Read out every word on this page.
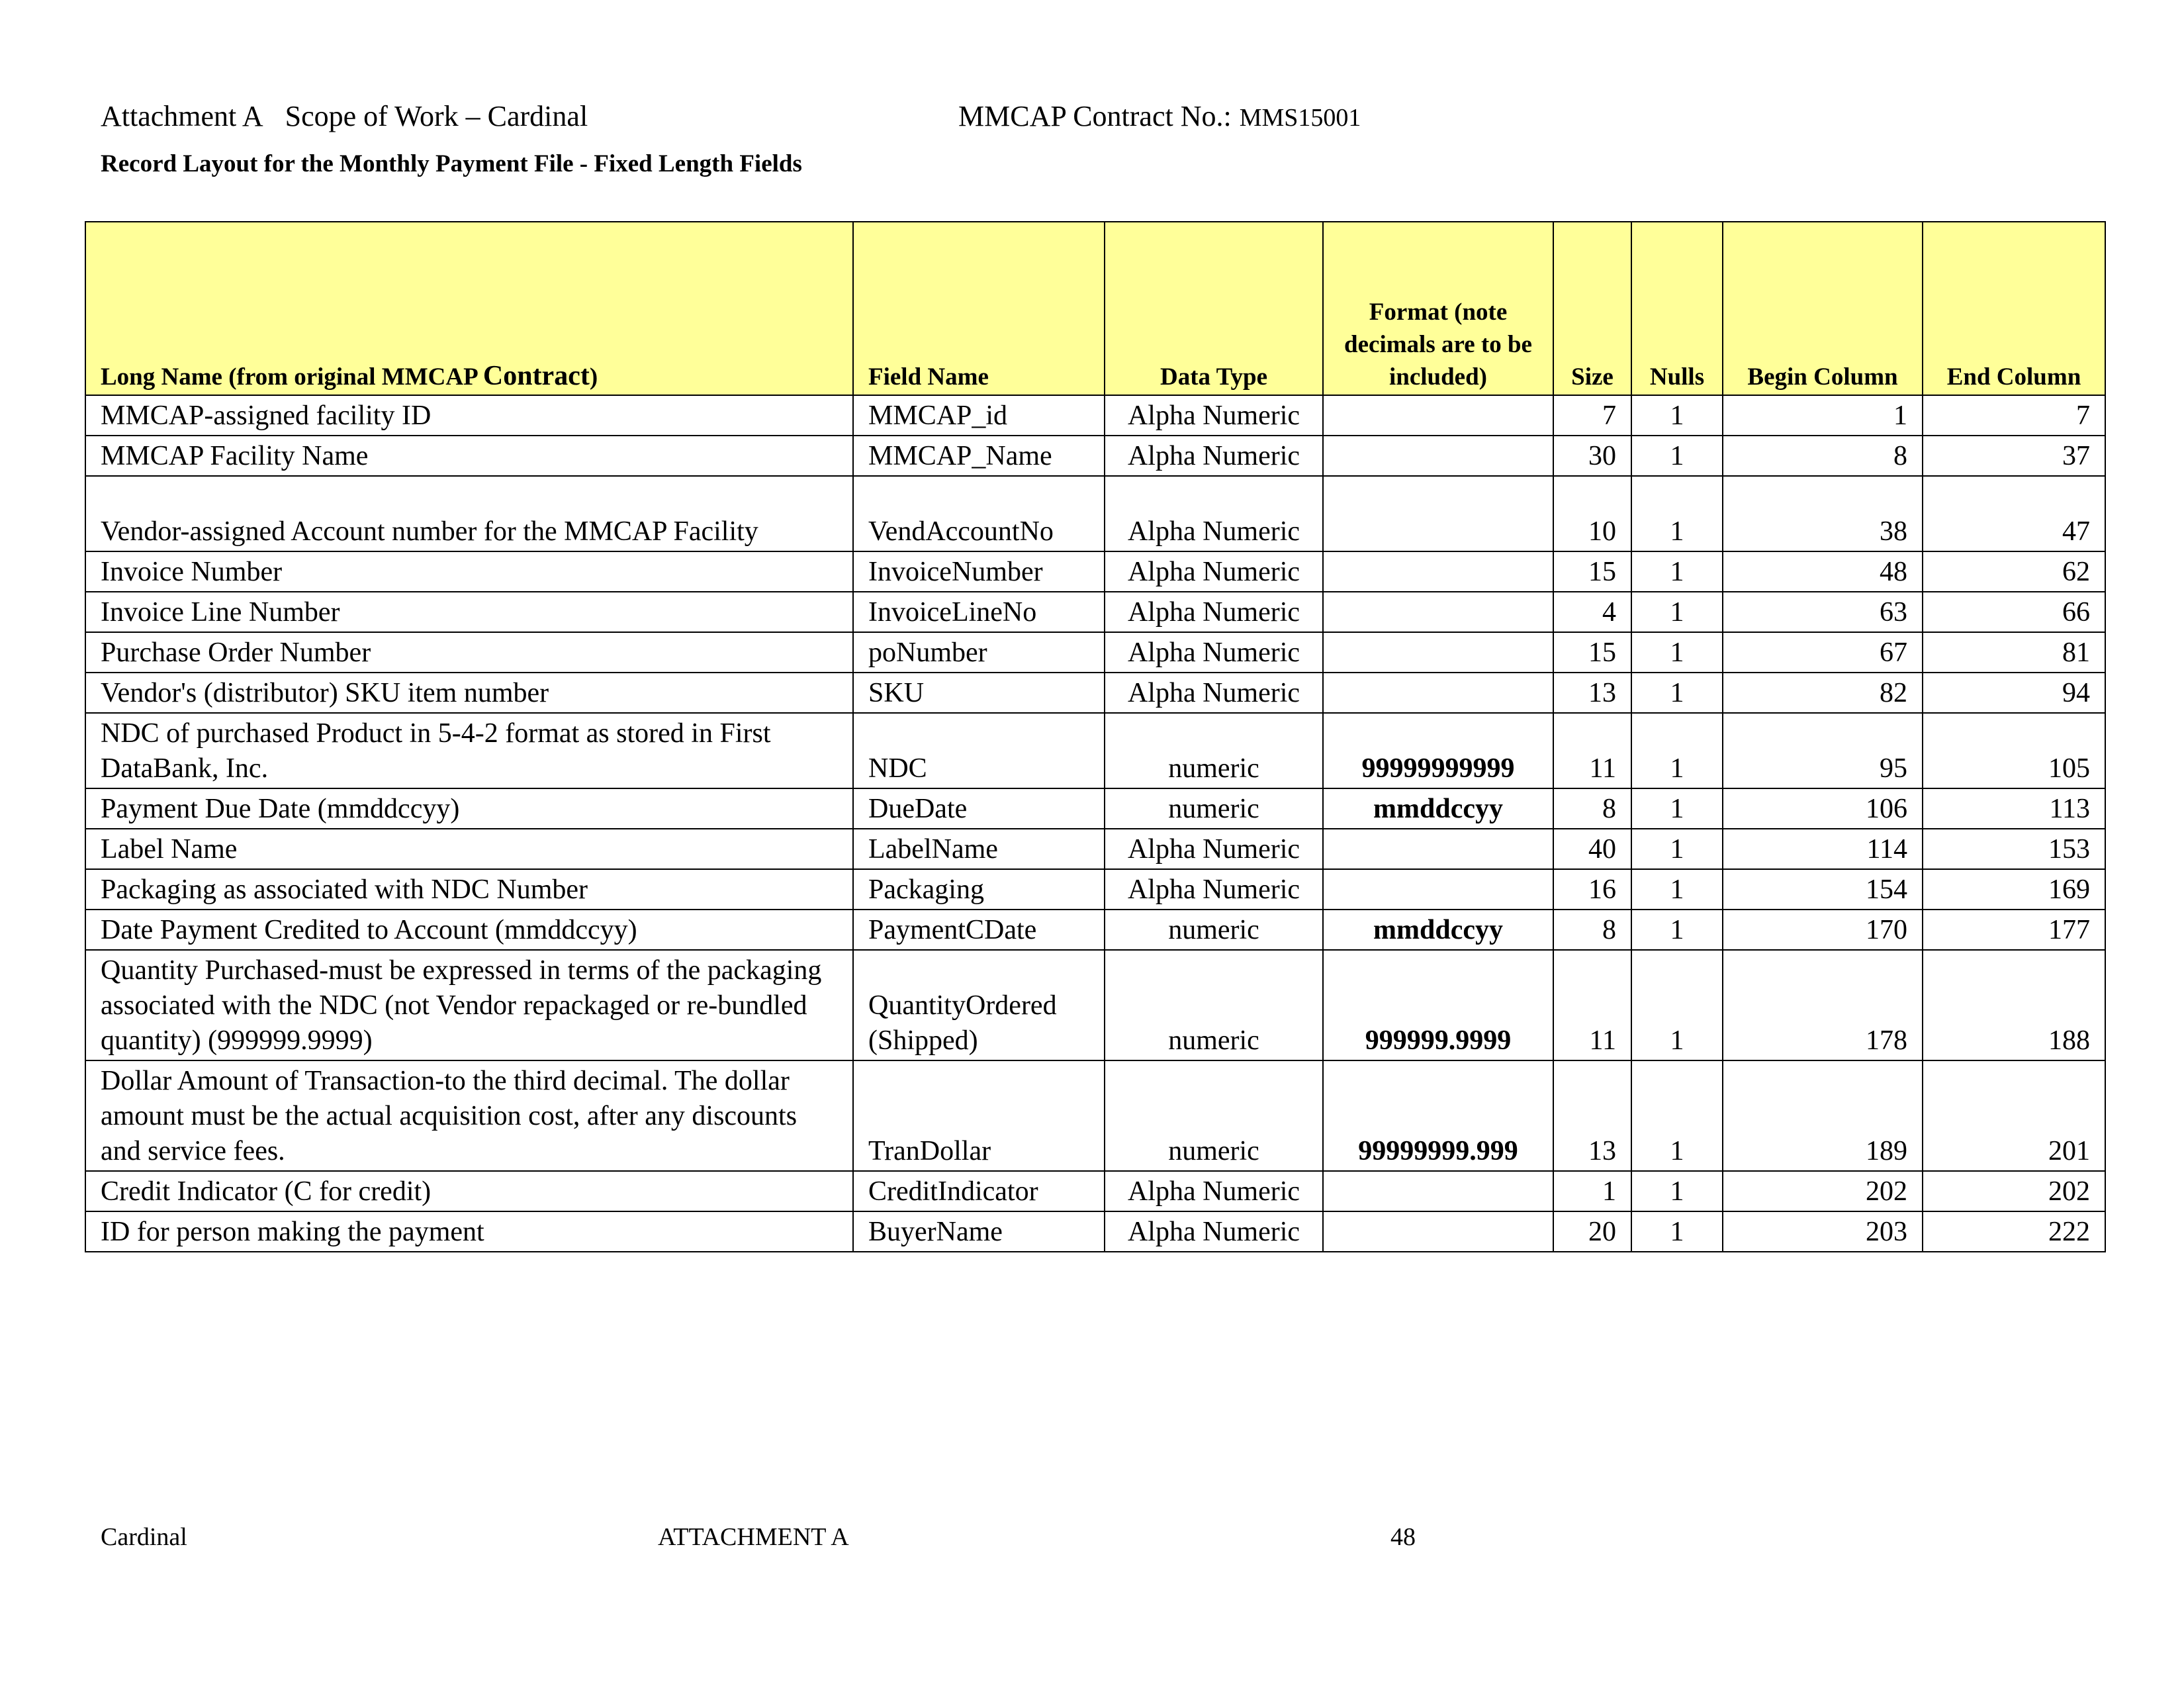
Attachment A Scope of Work – Cardinal	MMCAP Contract No.: MMS15001
Record Layout for the Monthly Payment File - Fixed Length Fields
Long Name (from original MMCAP Contract)	Field Name	Data Type	Format (note decimals are to be included)	Size	Nulls	Begin Column	End Column
MMCAP-assigned facility ID	MMCAP_id	Alpha Numeric		7	1	1	7
MMCAP Facility Name	MMCAP_Name	Alpha Numeric		30	1	8	37
Vendor-assigned Account number for the MMCAP Facility	VendAccountNo	Alpha Numeric		10	1	38	47
Invoice Number	InvoiceNumber	Alpha Numeric		15	1	48	62
Invoice Line Number	InvoiceLineNo	Alpha Numeric		4	1	63	66
Purchase Order Number	poNumber	Alpha Numeric		15	1	67	81
Vendor's (distributor) SKU item number	SKU	Alpha Numeric		13	1	82	94
NDC of purchased Product in 5-4-2 format as stored in First DataBank, Inc.	NDC	numeric	99999999999	11	1	95	105
Payment Due Date (mmddccyy)	DueDate	numeric	mmddccyy	8	1	106	113
Label Name	LabelName	Alpha Numeric		40	1	114	153
Packaging as associated with NDC Number	Packaging	Alpha Numeric		16	1	154	169
Date Payment Credited to Account (mmddccyy)	PaymentCDate	numeric	mmddccyy	8	1	170	177
Quantity Purchased-must be expressed in terms of the packaging associated with the NDC (not Vendor repackaged or re-bundled quantity) (999999.9999)	QuantityOrdered (Shipped)	numeric	999999.9999	11	1	178	188
Dollar Amount of Transaction-to the third decimal. The dollar amount must be the actual acquisition cost, after any discounts and service fees.	TranDollar	numeric	99999999.999	13	1	189	201
Credit Indicator (C for credit)	CreditIndicator	Alpha Numeric		1	1	202	202
ID for person making the payment	BuyerName	Alpha Numeric		20	1	203	222
Cardinal	ATTACHMENT A	48
